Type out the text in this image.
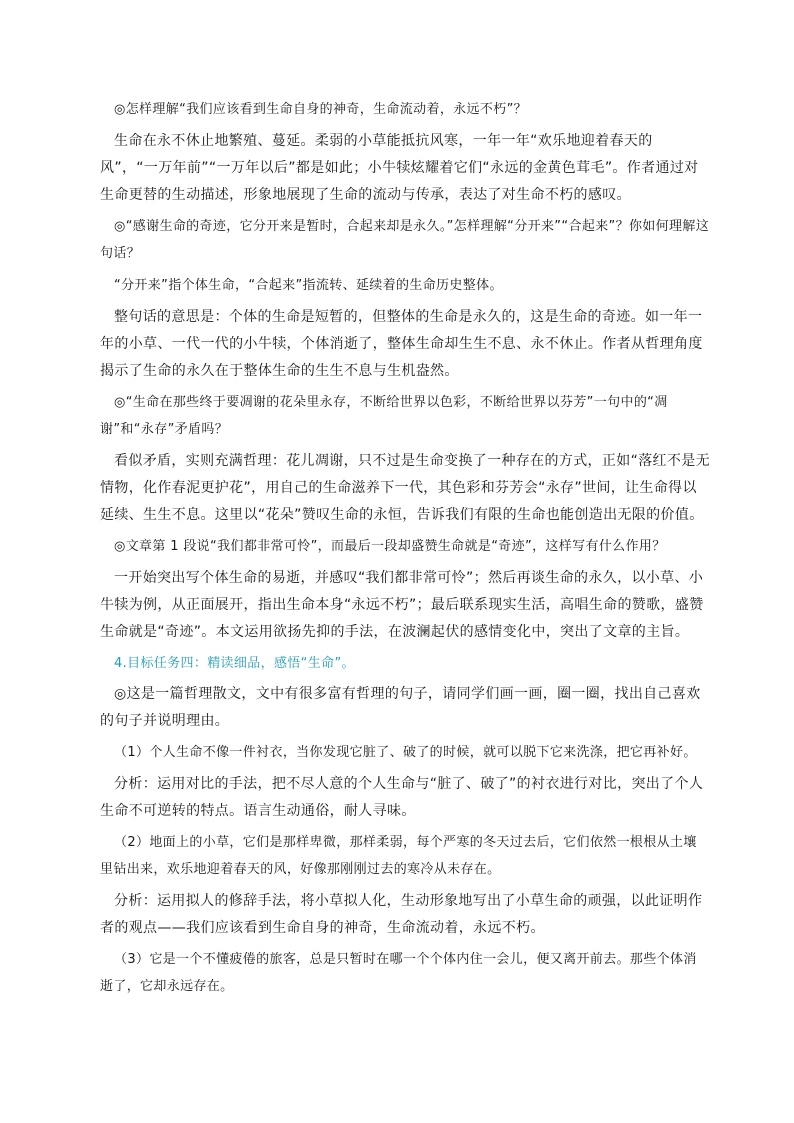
◎怎样理解“我们应该看到生命自身的神奇，生命流动着，永远不朽”？

生命在永不休止地繁殖、蔓延。柔弱的小草能抵抗风寒，一年一年“欢乐地迎着春天的风”，“一万年前”“一万年以后”都是如此；小牛犊炫耀着它们“永远的金黄色茸毛”。作者通过对生命更替的生动描述，形象地展现了生命的流动与传承，表达了对生命不朽的感叹。

◎“感谢生命的奇迹，它分开来是暂时，合起来却是永久。”怎样理解“分开来”“合起来”？你如何理解这句话？

“分开来”指个体生命，“合起来”指流转、延续着的生命历史整体。

整句话的意思是：个体的生命是短暂的，但整体的生命是永久的，这是生命的奇迹。如一年一年的小草、一代一代的小牛犊，个体消逝了，整体生命却生生不息、永不休止。作者从哲理角度揭示了生命的永久在于整体生命的生生不息与生机盎然。

◎“生命在那些终于要凋谢的花朵里永存，不断给世界以色彩，不断给世界以芬芳”一句中的“凋谢”和“永存”矛盾吗？

看似矛盾，实则充满哲理：花儿凋谢，只不过是生命变换了一种存在的方式，正如“落红不是无情物，化作春泥更护花”，用自己的生命滋养下一代，其色彩和芬芳会“永存”世间，让生命得以延续、生生不息。这里以“花朵”赞叹生命的永恒，告诉我们有限的生命也能创造出无限的价值。

◎文章第 1 段说“我们都非常可怜”，而最后一段却盛赞生命就是“奇迹”，这样写有什么作用？

一开始突出写个体生命的易逝，并感叹“我们都非常可怜”；然后再谈生命的永久，以小草、小牛犊为例，从正面展开，指出生命本身“永远不朽”；最后联系现实生活，高唱生命的赞歌，盛赞生命就是“奇迹”。本文运用欲扬先抑的手法，在波澜起伏的感情变化中，突出了文章的主旨。

4.目标任务四：精读细品，感悟“生命”。

◎这是一篇哲理散文，文中有很多富有哲理的句子，请同学们画一画，圈一圈，找出自己喜欢的句子并说明理由。

（1）个人生命不像一件衬衣，当你发现它脏了、破了的时候，就可以脱下它来洗涤，把它再补好。

分析：运用对比的手法，把不尽人意的个人生命与“脏了、破了”的衬衣进行对比，突出了个人生命不可逆转的特点。语言生动通俗，耐人寻味。

（2）地面上的小草，它们是那样卑微，那样柔弱，每个严寒的冬天过去后，它们依然一根根从土壤里钻出来，欢乐地迎着春天的风，好像那刚刚过去的寒冷从未存在。

分析：运用拟人的修辞手法，将小草拟人化，生动形象地写出了小草生命的顽强，以此证明作者的观点——我们应该看到生命自身的神奇，生命流动着，永远不朽。

（3）它是一个不懂疲倦的旅客，总是只暂时在哪一个个体内住一会儿，便又离开前去。那些个体消逝了，它却永远存在。
